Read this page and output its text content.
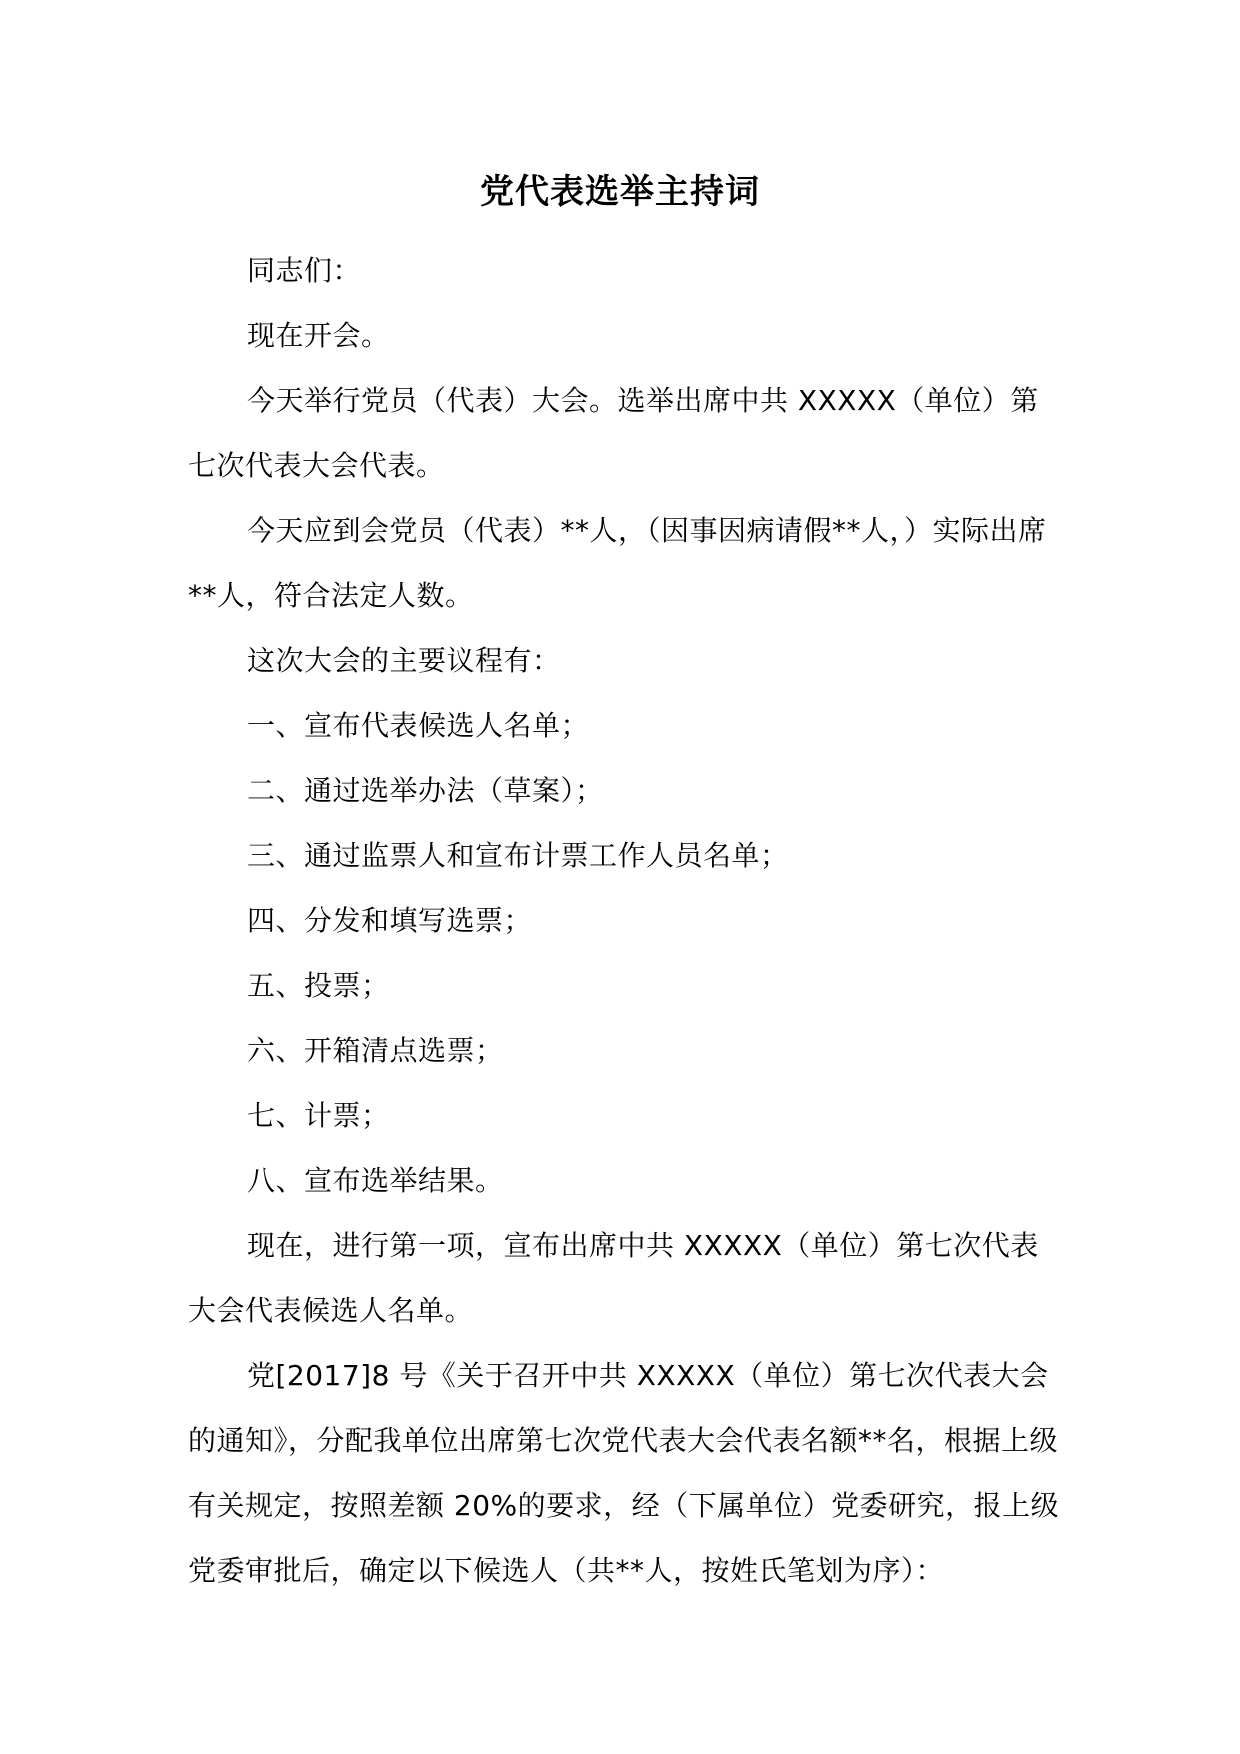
党代表选举主持词

同志们：

现在开会。

今天举行党员（代表）大会。选举出席中共 XXXXX（单位）第七次代表大会代表。

今天应到会党员（代表）**人，（因事因病请假**人，）实际出席**人，符合法定人数。

这次大会的主要议程有：

一、宣布代表候选人名单；

二、通过选举办法（草案）；

三、通过监票人和宣布计票工作人员名单；

四、分发和填写选票；

五、投票；

六、开箱清点选票；

七、计票；

八、宣布选举结果。

现在，进行第一项，宣布出席中共 XXXXX（单位）第七次代表大会代表候选人名单。

党[2017]8 号《关于召开中共 XXXXX（单位）第七次代表大会的通知》，分配我单位出席第七次党代表大会代表名额**名，根据上级有关规定，按照差额 20%的要求，经（下属单位）党委研究，报上级党委审批后，确定以下候选人（共**人，按姓氏笔划为序）：
